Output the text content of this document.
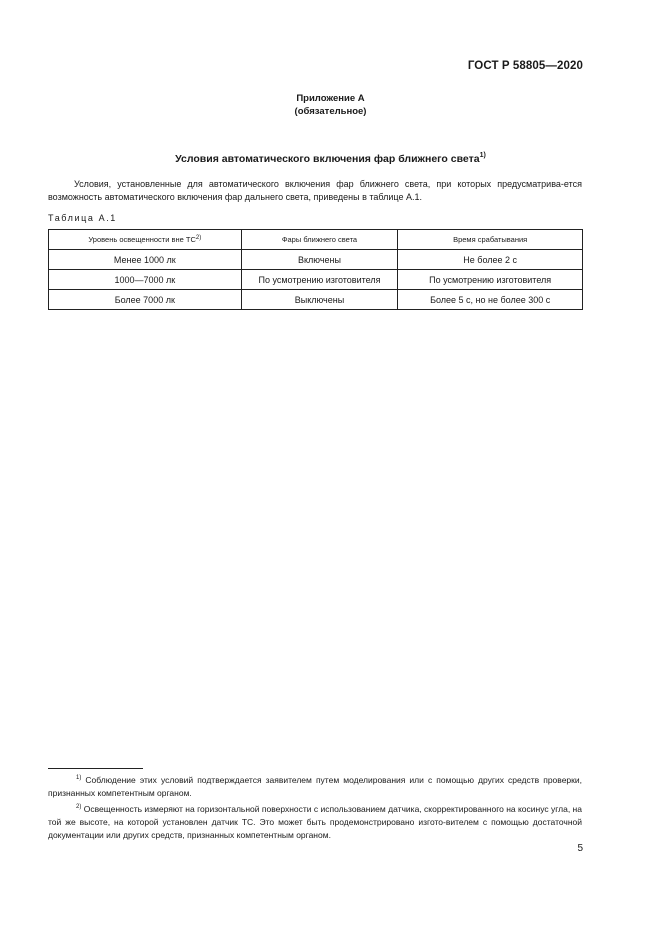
ГОСТ Р 58805—2020
Приложение А
(обязательное)
Условия автоматического включения фар ближнего света$^{1)}$
Условия, установленные для автоматического включения фар ближнего света, при которых предусматрива-ется возможность автоматического включения фар дальнего света, приведены в таблице А.1.
Таблица А.1
Уровень освещенности вне ТС$^{2)}$	Фары ближнего света	Время срабатывания
Менее 1000 лк	Включены	Не более 2 с
1000—7000 лк	По усмотрению изготовителя	По усмотрению изготовителя
Более 7000 лк	Выключены	Более 5 с, но не более 300 с
$^{1)}$ Соблюдение этих условий подтверждается заявителем путем моделирования или с помощью других средств проверки, признанных компетентным органом.
$^{2)}$ Освещенность измеряют на горизонтальной поверхности с использованием датчика, скорректированного на косинус угла, на той же высоте, на которой установлен датчик ТС. Это может быть продемонстрировано изгото-вителем с помощью достаточной документации или других средств, признанных компетентным органом.
5
